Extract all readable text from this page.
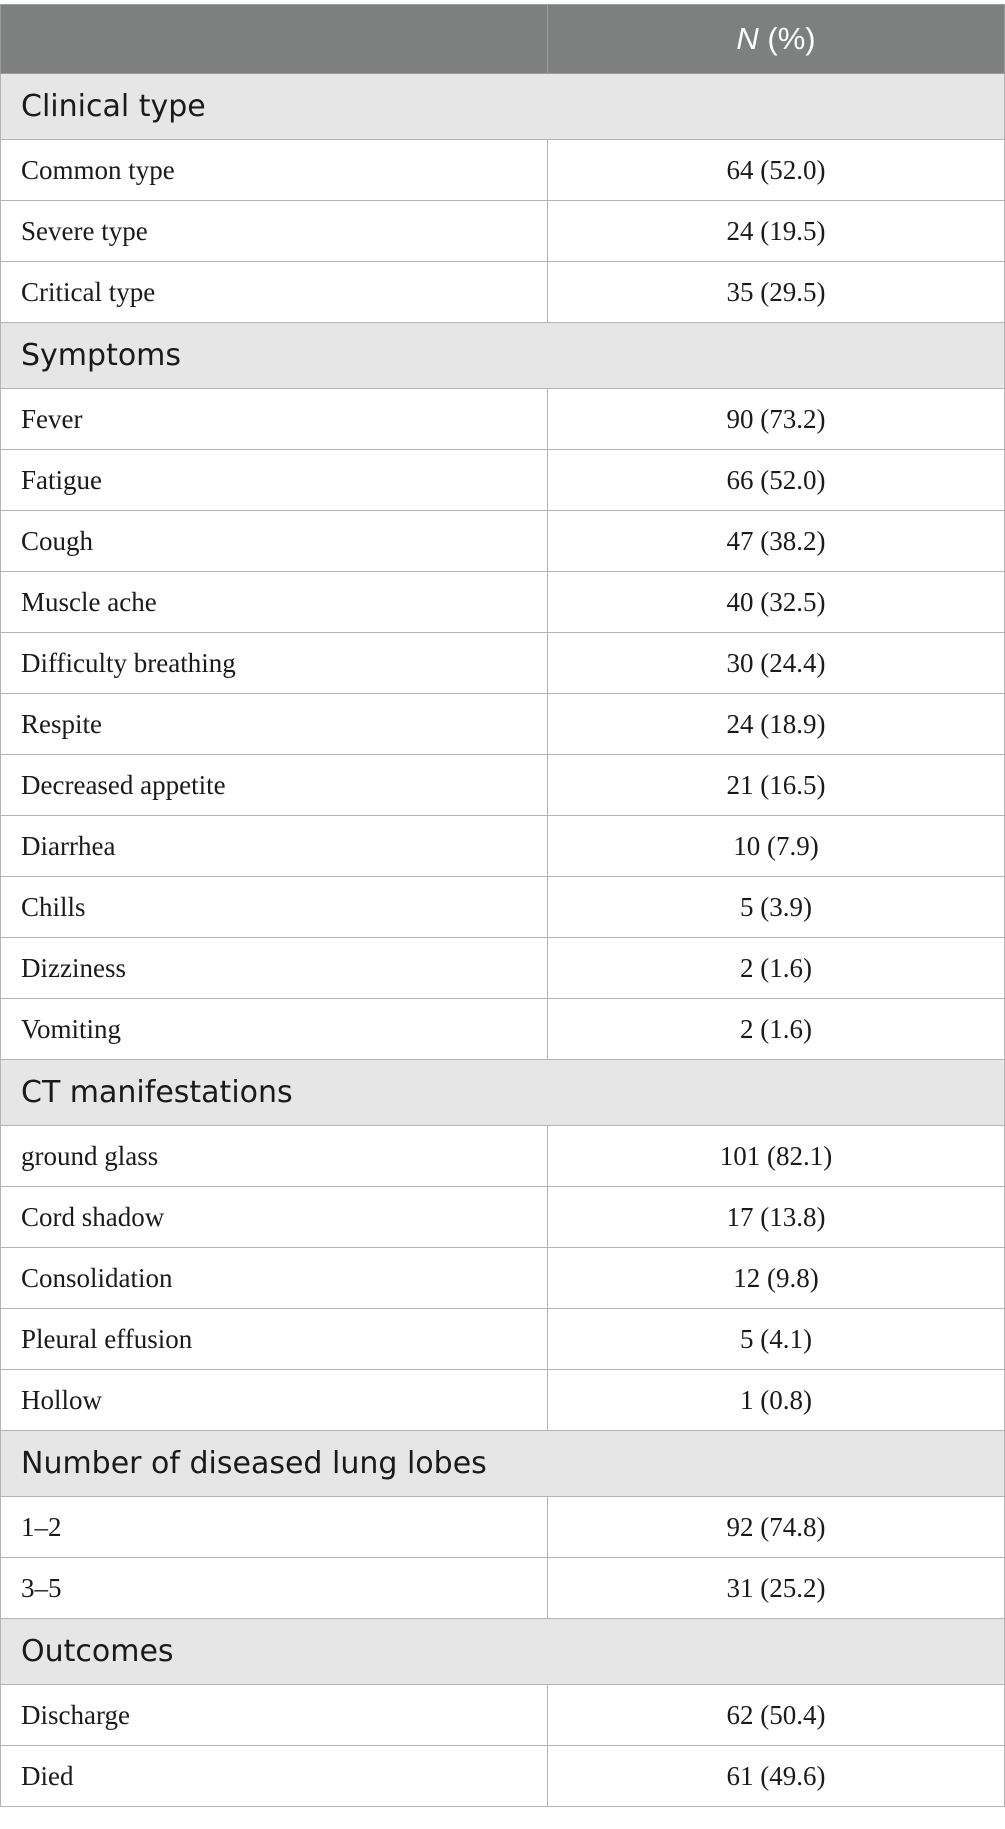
	N (%)
Clinical type	
Common type	64 (52.0)
Severe type	24 (19.5)
Critical type	35 (29.5)
Symptoms	
Fever	90 (73.2)
Fatigue	66 (52.0)
Cough	47 (38.2)
Muscle ache	40 (32.5)
Difficulty breathing	30 (24.4)
Respite	24 (18.9)
Decreased appetite	21 (16.5)
Diarrhea	10 (7.9)
Chills	5 (3.9)
Dizziness	2 (1.6)
Vomiting	2 (1.6)
CT manifestations	
ground glass	101 (82.1)
Cord shadow	17 (13.8)
Consolidation	12 (9.8)
Pleural effusion	5 (4.1)
Hollow	1 (0.8)
Number of diseased lung lobes	
1–2	92 (74.8)
3–5	31 (25.2)
Outcomes	
Discharge	62 (50.4)
Died	61 (49.6)
